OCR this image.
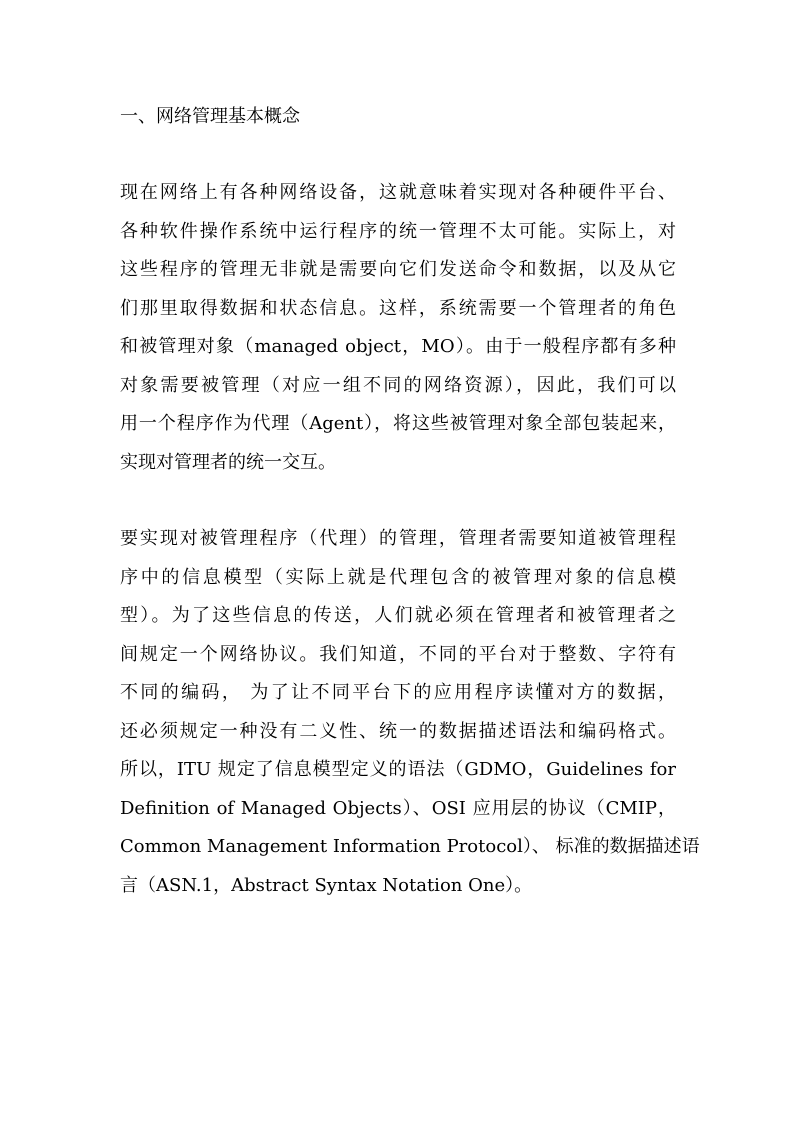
一、网络管理基本概念

现在网络上有各种网络设备，这就意味着实现对各种硬件平台、
各种软件操作系统中运行程序的统一管理不太可能。实际上，对
这些程序的管理无非就是需要向它们发送命令和数据，以及从它
们那里取得数据和状态信息。这样，系统需要一个管理者的角色
和被管理对象（managed object，MO）。由于一般程序都有多种
对象需要被管理（对应一组不同的网络资源），因此，我们可以
用一个程序作为代理（Agent），将这些被管理对象全部包装起来，
实现对管理者的统一交互。

要实现对被管理程序（代理）的管理，管理者需要知道被管理程
序中的信息模型（实际上就是代理包含的被管理对象的信息模
型）。为了这些信息的传送，人们就必须在管理者和被管理者之
间规定一个网络协议。我们知道，不同的平台对于整数、字符有
不同的编码， 为了让不同平台下的应用程序读懂对方的数据，
还必须规定一种没有二义性、统一的数据描述语法和编码格式。
所以，ITU 规定了信息模型定义的语法（GDMO，Guidelines for
Definition of Managed Objects）、OSI 应用层的协议（CMIP，
Common Management Information Protocol）、 标准的数据描述语
言（ASN.1，Abstract Syntax Notation One）。
